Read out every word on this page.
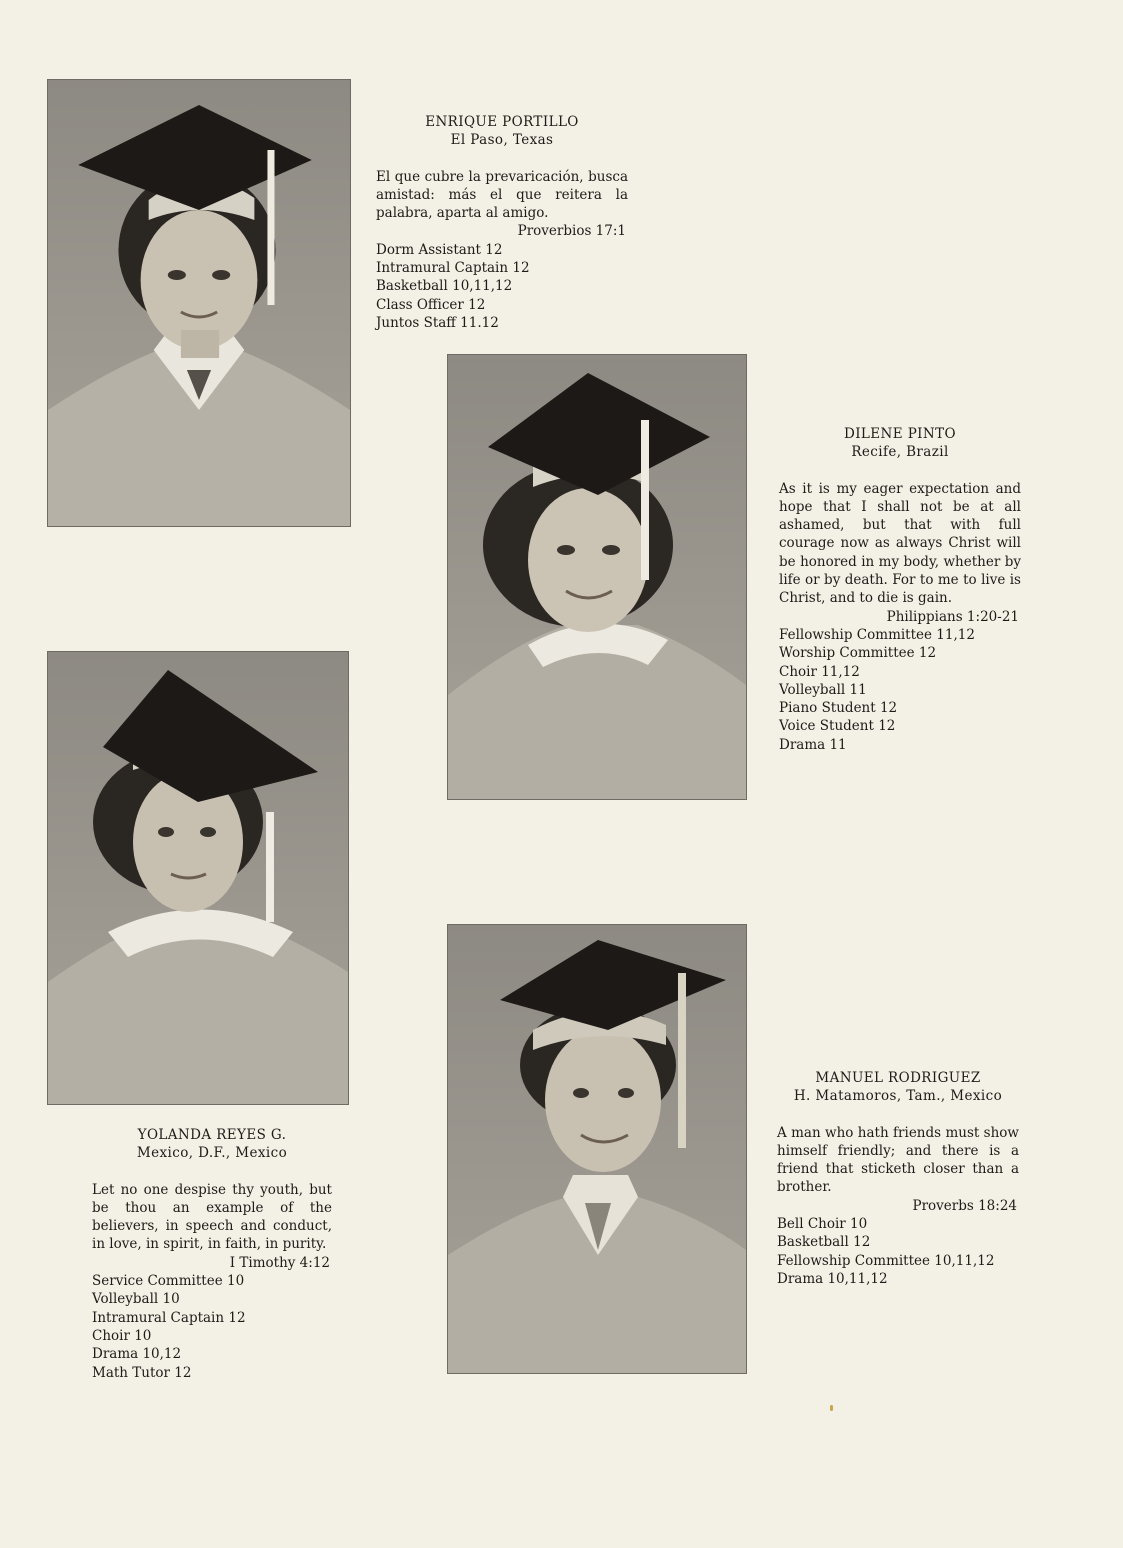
ENRIQUE PORTILLO
El Paso, Texas
El que cubre la prevaricación, busca amistad: más el que reitera la palabra, aparta al amigo.
Proverbios 17:1
Dorm Assistant 12
Intramural Captain 12
Basketball 10,11,12
Class Officer 12
Juntos Staff 11.12
DILENE PINTO
Recife, Brazil
As it is my eager expectation and hope that I shall not be at all ashamed, but that with full courage now as always Christ will be honored in my body, whether by life or by death. For to me to live is Christ, and to die is gain.
Philippians 1:20-21
Fellowship Committee 11,12
Worship Committee 12
Choir 11,12
Volleyball 11
Piano Student 12
Voice Student 12
Drama 11
YOLANDA REYES G.
Mexico, D.F., Mexico
Let no one despise thy youth, but be thou an example of the believers, in speech and conduct, in love, in spirit, in faith, in purity.
I Timothy 4:12
Service Committee 10
Volleyball 10
Intramural Captain 12
Choir 10
Drama 10,12
Math Tutor 12
MANUEL RODRIGUEZ
H. Matamoros, Tam., Mexico
A man who hath friends must show himself friendly; and there is a friend that sticketh closer than a brother.
Proverbs 18:24
Bell Choir 10
Basketball 12
Fellowship Committee 10,11,12
Drama 10,11,12
